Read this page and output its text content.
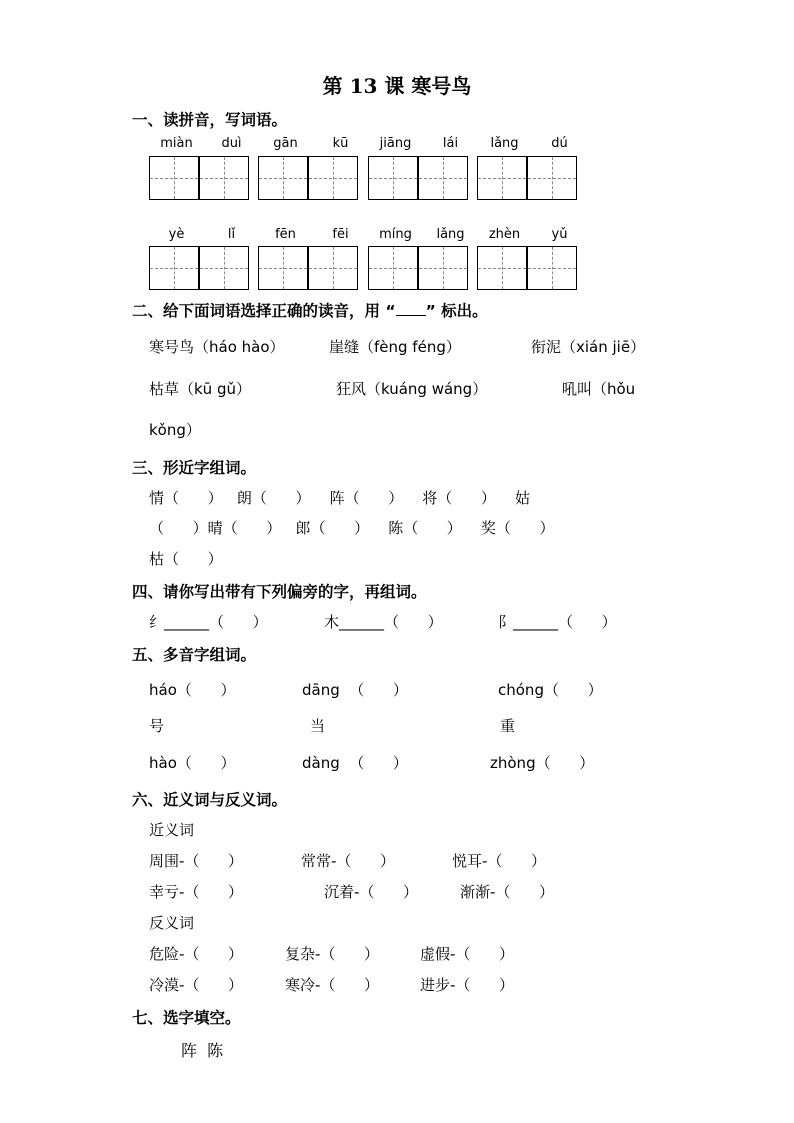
第 13 课 寒号鸟
一、读拼音，写词语。
miàn	duì	gān	kū	jiāng	lái	lǎng	dú
yè	lǐ	fēn	fēi	míng	lǎng	zhèn	yǔ
二、给下面词语选择正确的读音，用 “ ” 标出。
寒号鸟（háo hào）	崖缝（fèng féng）	衔泥（xián jiē）
枯草（kū gǔ）	狂风（kuáng wáng）	吼叫（hǒu
kǒng）
三、形近字组词。
情（      ）   朗（      ）    阵（      ）    将（      ）    姑
（      ）晴（      ）   郎（      ）    陈（      ）    奖（      ）
枯（      ）
四、请你写出带有下列偏旁的字，再组词。
纟______（      ）	木______（      ）	阝______（      ）
五、多音字组词。
háo（      ）	dāng  （      ）	chóng（      ）
号	当	重
hào（      ）	dàng  （      ）	zhòng（      ）
六、近义词与反义词。
近义词
周围-（      ）	常常-（      ）	悦耳-（      ）
幸亏-（      ）	沉着-（      ）	渐渐-（      ）
反义词
危险-（      ）	复杂-（      ）	虚假-（      ）
冷漠-（      ）	寒冷-（      ）	进步-（      ）
七、选字填空。
阵  陈
